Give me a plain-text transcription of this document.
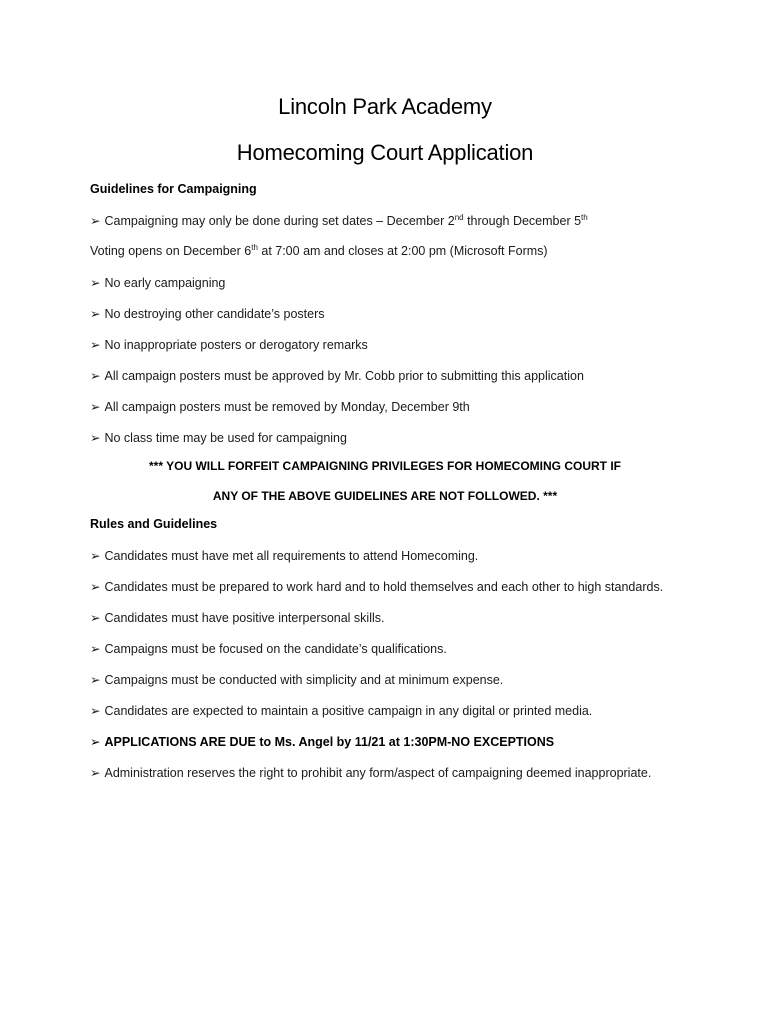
Lincoln Park Academy
Homecoming Court Application
Guidelines for Campaigning
➢ Campaigning may only be done during set dates – December 2nd through December 5th
Voting opens on December 6th at 7:00 am and closes at 2:00 pm (Microsoft Forms)
➢ No early campaigning
➢ No destroying other candidate’s posters
➢ No inappropriate posters or derogatory remarks
➢ All campaign posters must be approved by Mr. Cobb prior to submitting this application
➢ All campaign posters must be removed by Monday, December 9th
➢ No class time may be used for campaigning
*** YOU WILL FORFEIT CAMPAIGNING PRIVILEGES FOR HOMECOMING COURT IF
ANY OF THE ABOVE GUIDELINES ARE NOT FOLLOWED. ***
Rules and Guidelines
➢ Candidates must have met all requirements to attend Homecoming.
➢ Candidates must be prepared to work hard and to hold themselves and each other to high standards.
➢ Candidates must have positive interpersonal skills.
➢ Campaigns must be focused on the candidate’s qualifications.
➢ Campaigns must be conducted with simplicity and at minimum expense.
➢ Candidates are expected to maintain a positive campaign in any digital or printed media.
➢ APPLICATIONS ARE DUE to Ms. Angel by 11/21 at 1:30PM-NO EXCEPTIONS
➢ Administration reserves the right to prohibit any form/aspect of campaigning deemed inappropriate.
